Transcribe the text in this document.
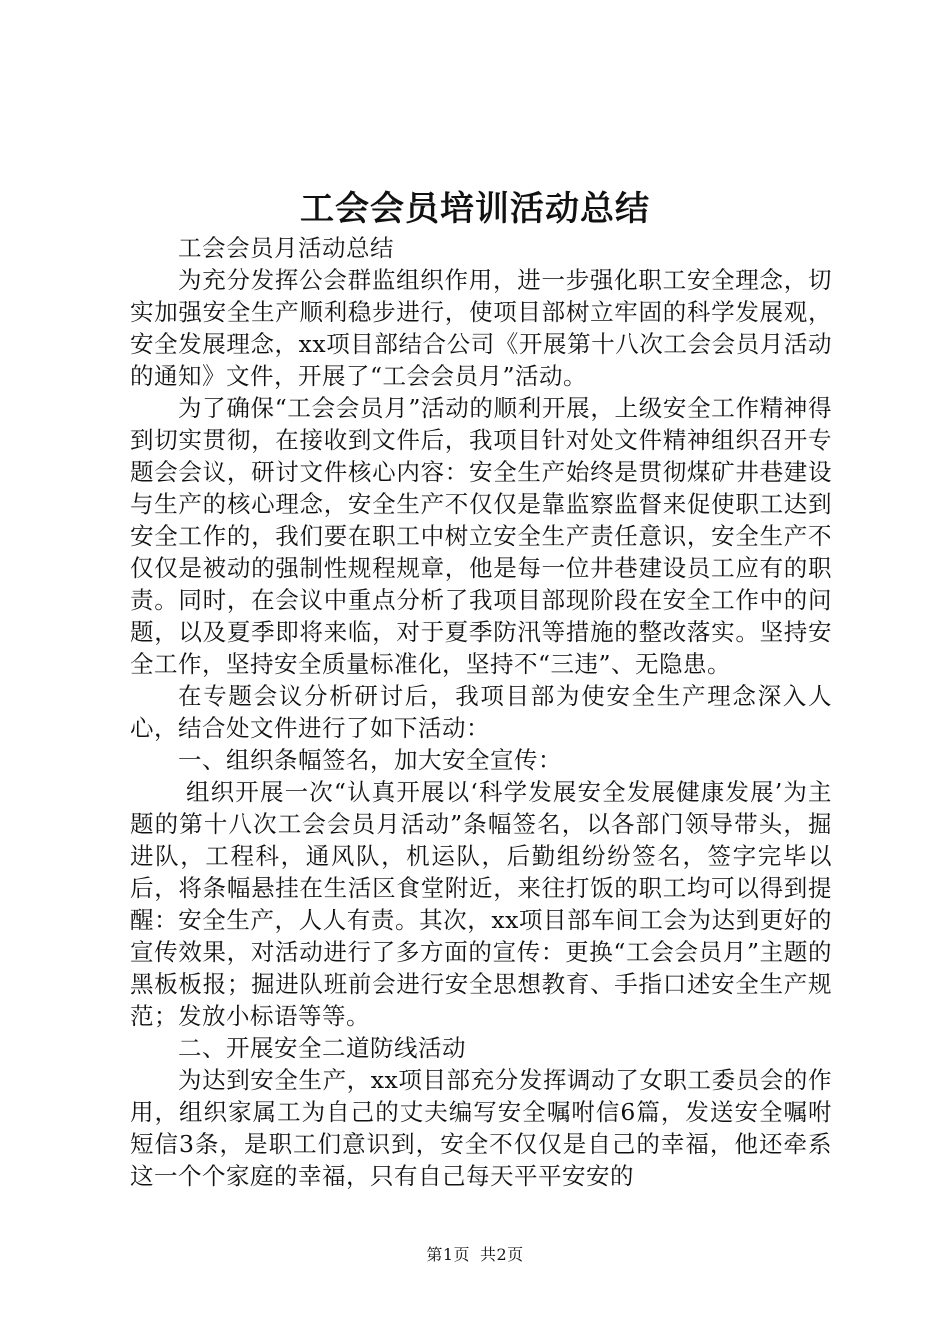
工会会员培训活动总结

工会会员月活动总结

为充分发挥公会群监组织作用，进一步强化职工安全理念，切实加强安全生产顺利稳步进行，使项目部树立牢固的科学发展观，安全发展理念，xx项目部结合公司《开展第十八次工会会员月活动的通知》文件，开展了“工会会员月”活动。

为了确保“工会会员月”活动的顺利开展，上级安全工作精神得到切实贯彻，在接收到文件后，我项目针对处文件精神组织召开专题会会议，研讨文件核心内容：安全生产始终是贯彻煤矿井巷建设与生产的核心理念，安全生产不仅仅是靠监察监督来促使职工达到安全工作的，我们要在职工中树立安全生产责任意识，安全生产不仅仅是被动的强制性规程规章，他是每一位井巷建设员工应有的职责。同时，在会议中重点分析了我项目部现阶段在安全工作中的问题，以及夏季即将来临，对于夏季防汛等措施的整改落实。坚持安全工作，坚持安全质量标准化，坚持不“三违”、无隐患。

在专题会议分析研讨后，我项目部为使安全生产理念深入人心，结合处文件进行了如下活动：

一、组织条幅签名，加大安全宣传：

组织开展一次“认真开展以‘科学发展安全发展健康发展’为主题的第十八次工会会员月活动”条幅签名，以各部门领导带头，掘进队，工程科，通风队，机运队，后勤组纷纷签名，签字完毕以后，将条幅悬挂在生活区食堂附近，来往打饭的职工均可以得到提醒：安全生产，人人有责。其次，xx项目部车间工会为达到更好的宣传效果，对活动进行了多方面的宣传：更换“工会会员月”主题的黑板板报；掘进队班前会进行安全思想教育、手指口述安全生产规范；发放小标语等等。

二、开展安全二道防线活动

为达到安全生产，xx项目部充分发挥调动了女职工委员会的作用，组织家属工为自己的丈夫编写安全嘱咐信6篇，发送安全嘱咐短信3条，是职工们意识到，安全不仅仅是自己的幸福，他还牵系这一个个家庭的幸福，只有自己每天平平安安的

第1页 共2页
